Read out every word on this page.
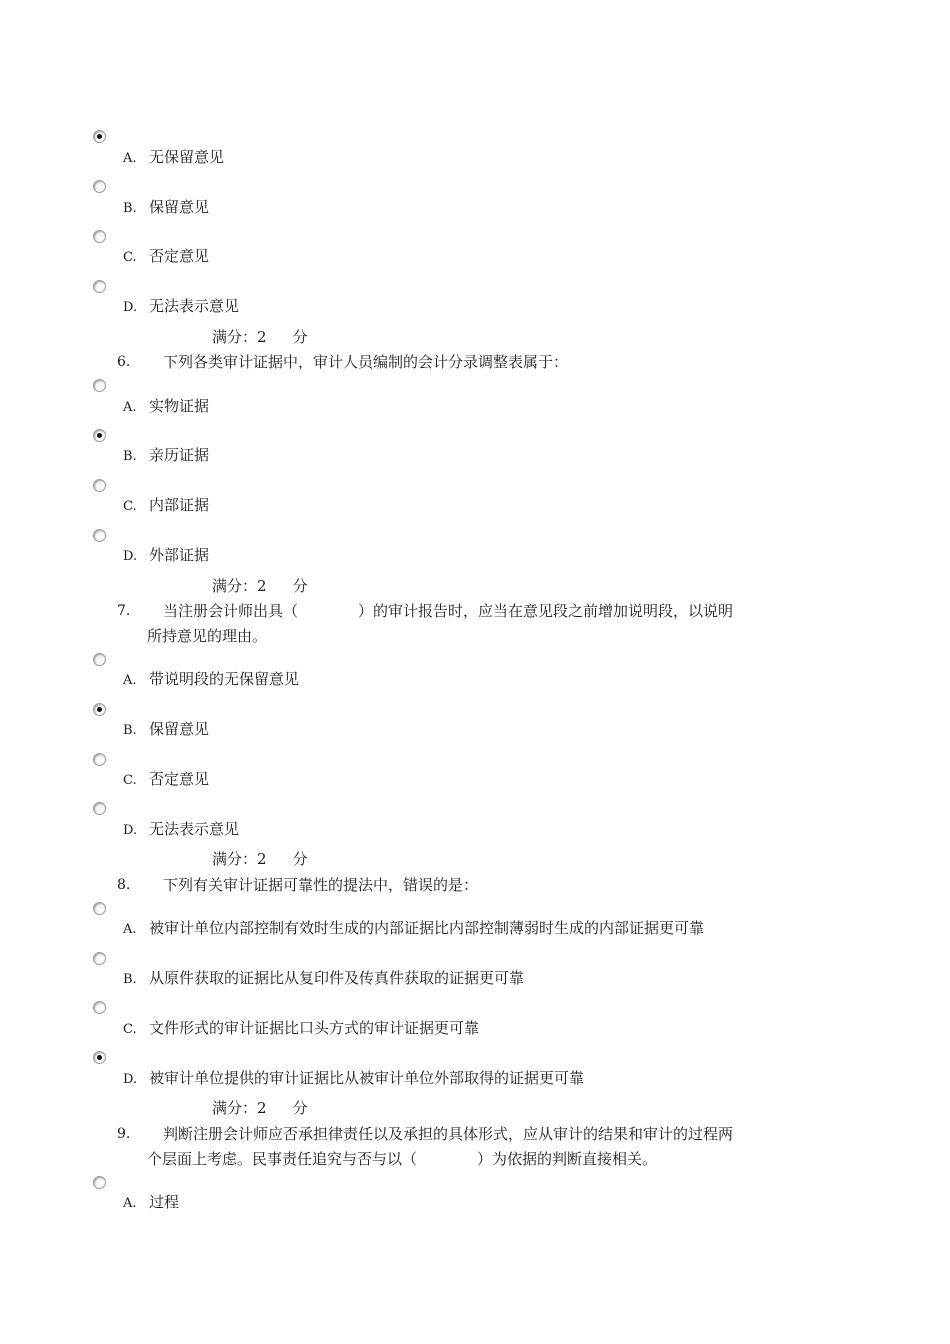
A. 无保留意见
B. 保留意见
C. 否定意见
D. 无法表示意见
满分：2 分
6. 下列各类审计证据中，审计人员编制的会计分录调整表属于：
A. 实物证据
B. 亲历证据
C. 内部证据
D. 外部证据
满分：2 分
7. 当注册会计师出具（　　　　）的审计报告时，应当在意见段之前增加说明段，以说明
所持意见的理由。
A. 带说明段的无保留意见
B. 保留意见
C. 否定意见
D. 无法表示意见
满分：2 分
8. 下列有关审计证据可靠性的提法中，错误的是：
A. 被审计单位内部控制有效时生成的内部证据比内部控制薄弱时生成的内部证据更可靠
B. 从原件获取的证据比从复印件及传真件获取的证据更可靠
C. 文件形式的审计证据比口头方式的审计证据更可靠
D. 被审计单位提供的审计证据比从被审计单位外部取得的证据更可靠
满分：2 分
9. 判断注册会计师应否承担律责任以及承担的具体形式，应从审计的结果和审计的过程两
个层面上考虑。民事责任追究与否与以（　　　　）为依据的判断直接相关。
A. 过程
